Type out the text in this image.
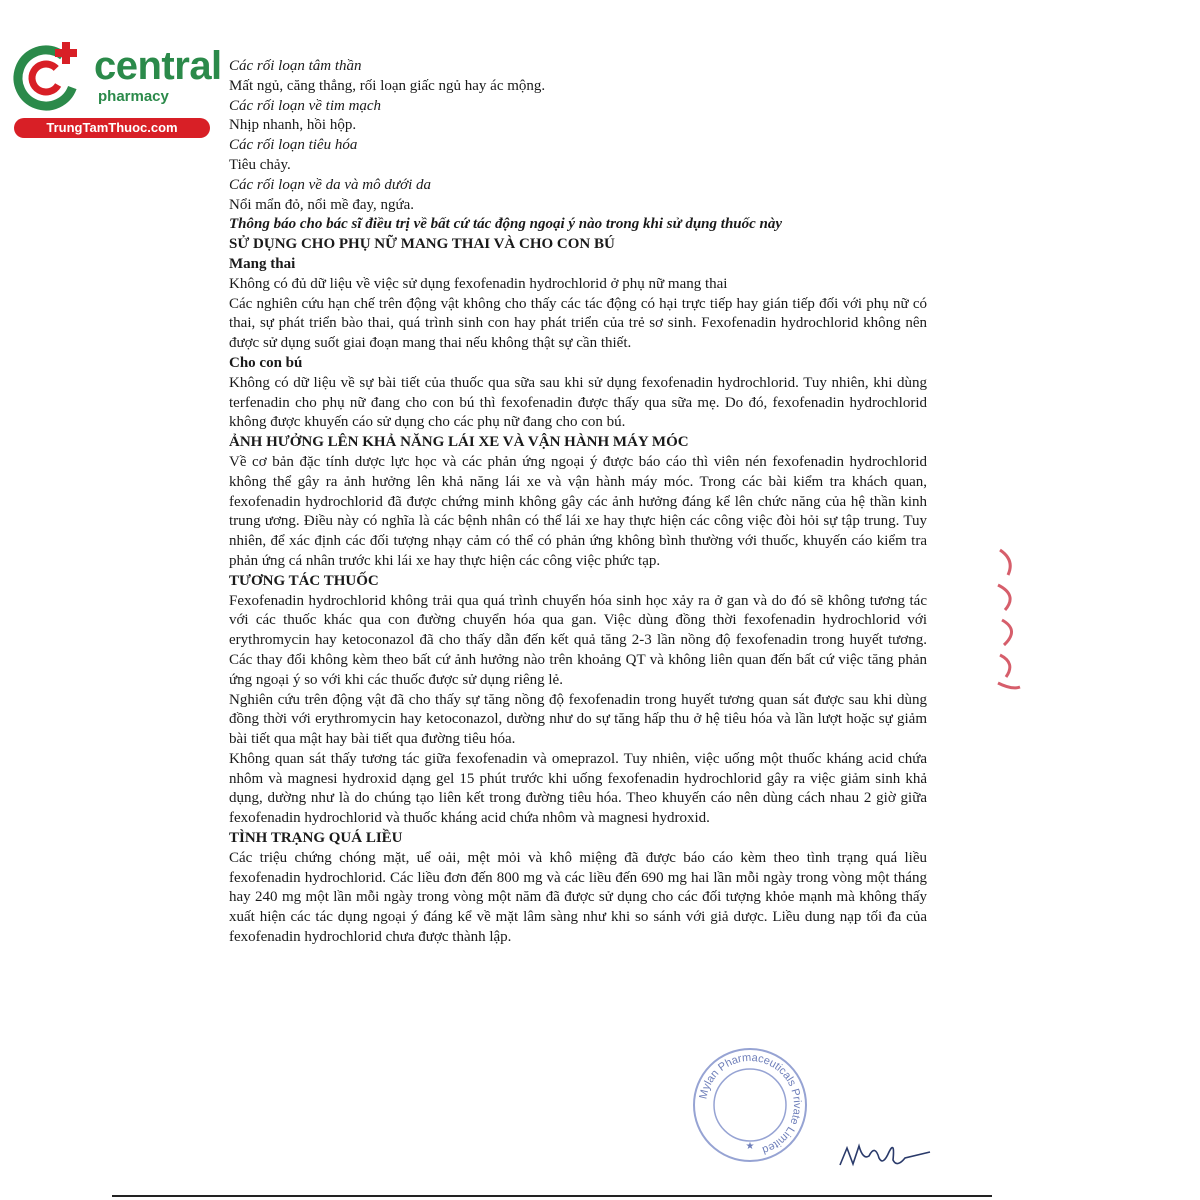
central
pharmacy
TrungTamThuoc.com

Các rối loạn tâm thần

Mất ngủ, căng thẳng, rối loạn giấc ngủ hay ác mộng.

Các rối loạn về tim mạch

Nhịp nhanh, hồi hộp.

Các rối loạn tiêu hóa

Tiêu chảy.

Các rối loạn về da và mô dưới da

Nổi mẩn đỏ, nổi mề đay, ngứa.

Thông báo cho bác sĩ điều trị về bất cứ tác động ngoại ý nào trong khi sử dụng thuốc này

SỬ DỤNG CHO PHỤ NỮ MANG THAI VÀ CHO CON BÚ

Mang thai

Không có đủ dữ liệu về việc sử dụng fexofenadin hydrochlorid ở phụ nữ mang thai

Các nghiên cứu hạn chế trên động vật không cho thấy các tác động có hại trực tiếp hay gián tiếp đối với phụ nữ có thai, sự phát triển bào thai, quá trình sinh con hay phát triển của trẻ sơ sinh. Fexofenadin hydrochlorid không nên được sử dụng suốt giai đoạn mang thai nếu không thật sự cần thiết.

Cho con bú

Không có dữ liệu về sự bài tiết của thuốc qua sữa sau khi sử dụng fexofenadin hydrochlorid. Tuy nhiên, khi dùng terfenadin cho phụ nữ đang cho con bú thì fexofenadin được thấy qua sữa mẹ. Do đó, fexofenadin hydrochlorid không được khuyến cáo sử dụng cho các phụ nữ đang cho con bú.

ẢNH HƯỞNG LÊN KHẢ NĂNG LÁI XE VÀ VẬN HÀNH MÁY MÓC

Về cơ bản đặc tính dược lực học và các phản ứng ngoại ý được báo cáo thì viên nén fexofenadin hydrochlorid không thể gây ra ảnh hưởng lên khả năng lái xe và vận hành máy móc. Trong các bài kiểm tra khách quan, fexofenadin hydrochlorid đã được chứng minh không gây các ảnh hưởng đáng kể lên chức năng của hệ thần kinh trung ương. Điều này có nghĩa là các bệnh nhân có thể lái xe hay thực hiện các công việc đòi hỏi sự tập trung. Tuy nhiên, để xác định các đối tượng nhạy cảm có thể có phản ứng không bình thường với thuốc, khuyến cáo kiểm tra phản ứng cá nhân trước khi lái xe hay thực hiện các công việc phức tạp.

TƯƠNG TÁC THUỐC

Fexofenadin hydrochlorid không trải qua quá trình chuyển hóa sinh học xảy ra ở gan và do đó sẽ không tương tác với các thuốc khác qua con đường chuyển hóa qua gan. Việc dùng đồng thời fexofenadin hydrochlorid với erythromycin hay ketoconazol đã cho thấy dẫn đến kết quả tăng 2-3 lần nồng độ fexofenadin trong huyết tương. Các thay đổi không kèm theo bất cứ ảnh hưởng nào trên khoảng QT và không liên quan đến bất cứ việc tăng phản ứng ngoại ý so với khi các thuốc được sử dụng riêng lẻ.

Nghiên cứu trên động vật đã cho thấy sự tăng nồng độ fexofenadin trong huyết tương quan sát được sau khi dùng đồng thời với erythromycin hay ketoconazol, dường như do sự tăng hấp thu ở hệ tiêu hóa và lần lượt hoặc sự giảm bài tiết qua mật hay bài tiết qua đường tiêu hóa.

Không quan sát thấy tương tác giữa fexofenadin và omeprazol. Tuy nhiên, việc uống một thuốc kháng acid chứa nhôm và magnesi hydroxid dạng gel 15 phút trước khi uống fexofenadin hydrochlorid gây ra việc giảm sinh khả dụng, dường như là do chúng tạo liên kết trong đường tiêu hóa. Theo khuyến cáo nên dùng cách nhau 2 giờ giữa fexofenadin hydrochlorid và thuốc kháng acid chứa nhôm và magnesi hydroxid.

TÌNH TRẠNG QUÁ LIỀU

Các triệu chứng chóng mặt, uể oải, mệt mỏi và khô miệng đã được báo cáo kèm theo tình trạng quá liều fexofenadin hydrochlorid. Các liều đơn đến 800 mg và các liều đến 690 mg hai lần mỗi ngày trong vòng một tháng hay 240 mg một lần mỗi ngày trong vòng một năm đã được sử dụng cho các đối tượng khỏe mạnh mà không thấy xuất hiện các tác dụng ngoại ý đáng kể về mặt lâm sàng như khi so sánh với giả dược. Liều dung nạp tối đa của fexofenadin hydrochlorid chưa được thành lập.

Mylan Pharmaceuticals Private Limited
★
